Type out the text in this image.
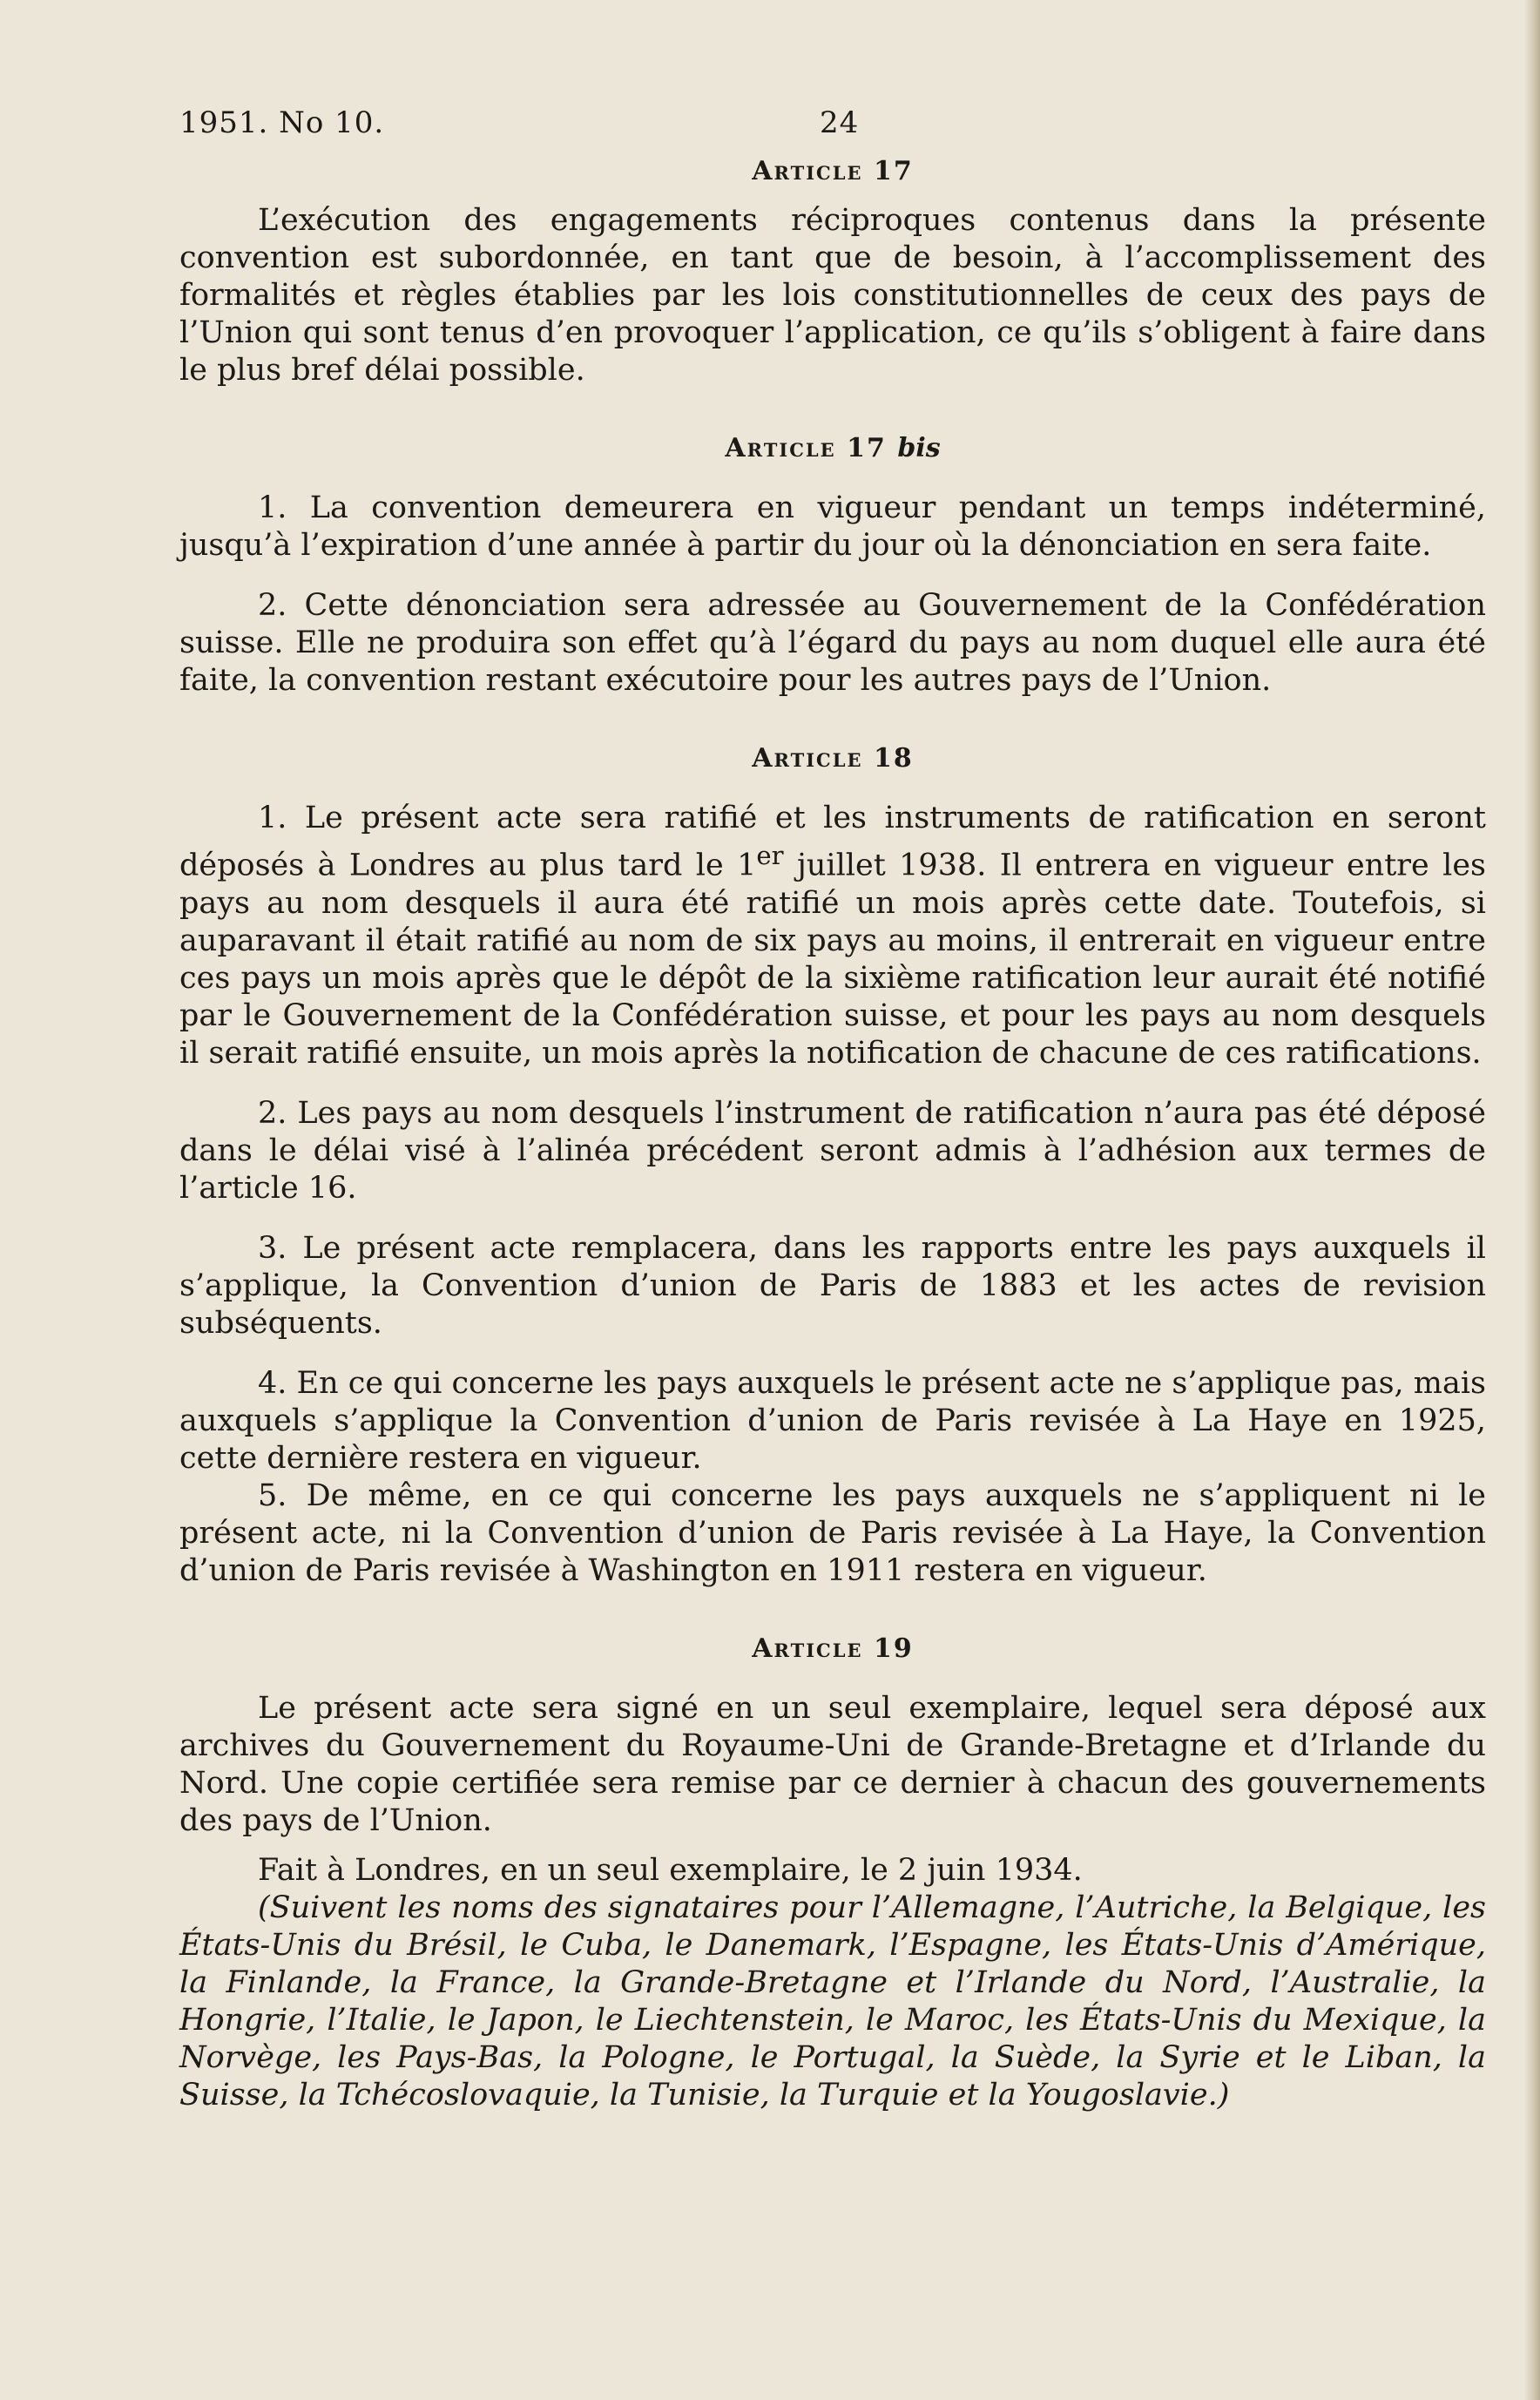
1951. No 10.	24
Article 17

L’exécution des engagements réciproques contenus dans la présente convention est subordonnée, en tant que de besoin, à l’accomplissement des formalités et règles établies par les lois constitutionnelles de ceux des pays de l’Union qui sont tenus d’en provoquer l’application, ce qu’ils s’obligent à faire dans le plus bref délai possible.

Article 17 bis

1. La convention demeurera en vigueur pendant un temps indéterminé, jusqu’à l’expiration d’une année à partir du jour où la dénonciation en sera faite.

2. Cette dénonciation sera adressée au Gouvernement de la Confédération suisse. Elle ne produira son effet qu’à l’égard du pays au nom duquel elle aura été faite, la convention restant exécutoire pour les autres pays de l’Union.

Article 18

1. Le présent acte sera ratifié et les instruments de ratification en seront déposés à Londres au plus tard le 1er juillet 1938. Il entrera en vigueur entre les pays au nom desquels il aura été ratifié un mois après cette date. Toutefois, si auparavant il était ratifié au nom de six pays au moins, il entrerait en vigueur entre ces pays un mois après que le dépôt de la sixième ratification leur aurait été notifié par le Gouvernement de la Confédération suisse, et pour les pays au nom desquels il serait ratifié ensuite, un mois après la notification de chacune de ces ratifications.

2. Les pays au nom desquels l’instrument de ratification n’aura pas été déposé dans le délai visé à l’alinéa précédent seront admis à l’adhésion aux termes de l’article 16.

3. Le présent acte remplacera, dans les rapports entre les pays auxquels il s’applique, la Convention d’union de Paris de 1883 et les actes de revision subséquents.

4. En ce qui concerne les pays auxquels le présent acte ne s’applique pas, mais auxquels s’applique la Convention d’union de Paris revisée à La Haye en 1925, cette dernière restera en vigueur.

5. De même, en ce qui concerne les pays auxquels ne s’appliquent ni le présent acte, ni la Convention d’union de Paris revisée à La Haye, la Convention d’union de Paris revisée à Washington en 1911 restera en vigueur.

Article 19

Le présent acte sera signé en un seul exemplaire, lequel sera déposé aux archives du Gouvernement du Royaume-Uni de Grande-Bretagne et d’Irlande du Nord. Une copie certifiée sera remise par ce dernier à chacun des gouvernements des pays de l’Union.

Fait à Londres, en un seul exemplaire, le 2 juin 1934.

(Suivent les noms des signataires pour l’Allemagne, l’Autriche, la Belgique, les États-Unis du Brésil, le Cuba, le Danemark, l’Espagne, les États-Unis d’Amérique, la Finlande, la France, la Grande-Bretagne et l’Irlande du Nord, l’Australie, la Hongrie, l’Italie, le Japon, le Liechtenstein, le Maroc, les États-Unis du Mexique, la Norvège, les Pays-Bas, la Pologne, le Portugal, la Suède, la Syrie et le Liban, la Suisse, la Tchécoslovaquie, la Tunisie, la Turquie et la Yougoslavie.)
